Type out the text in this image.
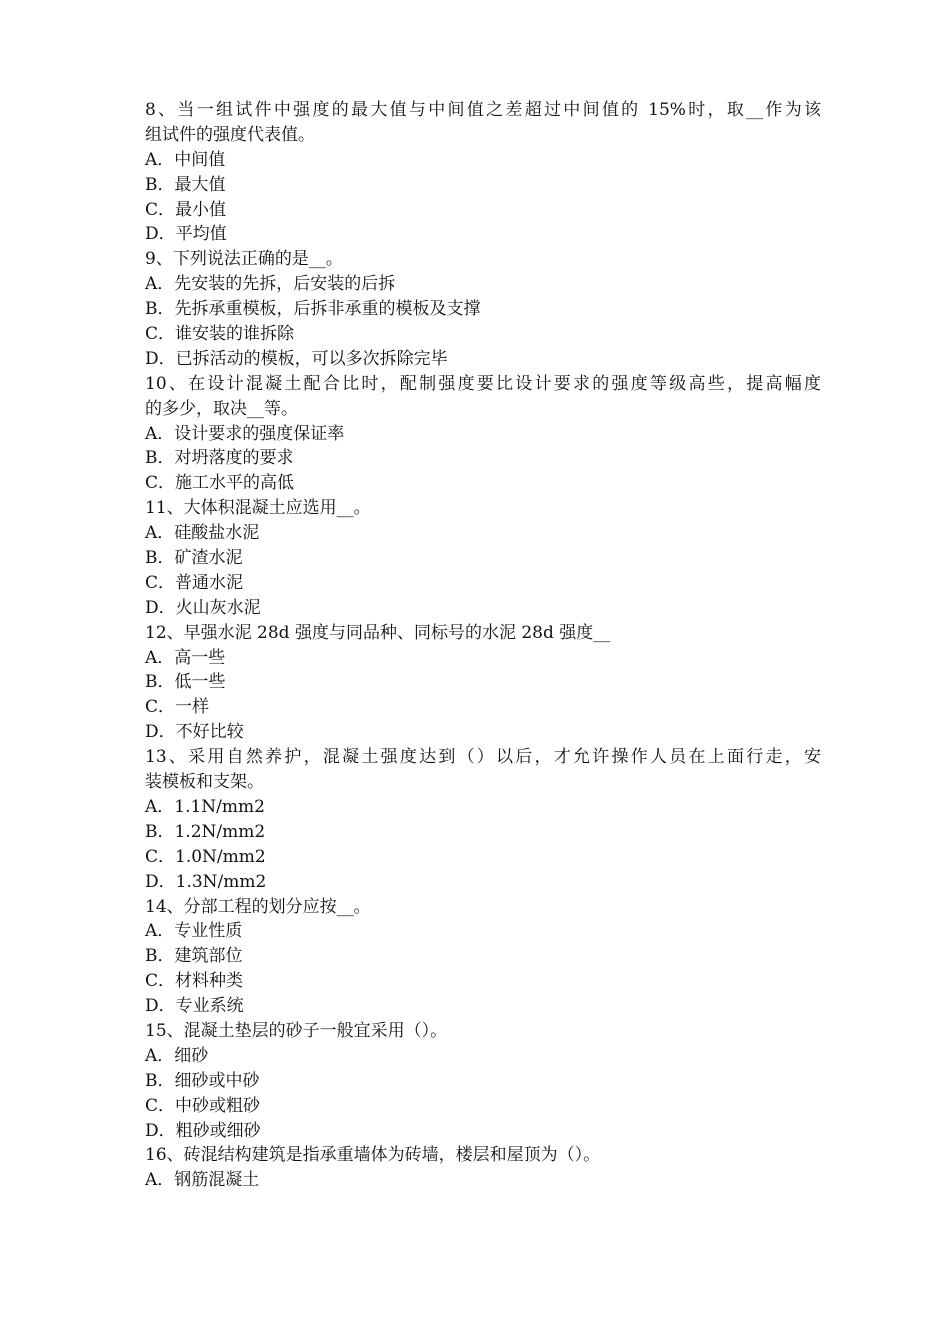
8、当一组试件中强度的最大值与中间值之差超过中间值的 15%时，取__作为该
组试件的强度代表值。
A．中间值
B．最大值
C．最小值
D．平均值
9、下列说法正确的是__。
A．先安装的先拆，后安装的后拆
B．先拆承重模板，后拆非承重的模板及支撑
C．谁安装的谁拆除
D．已拆活动的模板，可以多次拆除完毕
10、在设计混凝土配合比时，配制强度要比设计要求的强度等级高些，提高幅度
的多少，取决__等。
A．设计要求的强度保证率
B．对坍落度的要求
C．施工水平的高低
11、大体积混凝土应选用__。
A．硅酸盐水泥
B．矿渣水泥
C．普通水泥
D．火山灰水泥
12、早强水泥 28d 强度与同品种、同标号的水泥 28d 强度__
A．高一些
B．低一些
C．一样
D．不好比较
13、采用自然养护，混凝土强度达到（）以后，才允许操作人员在上面行走，安
装模板和支架。
A．1.1N/mm2
B．1.2N/mm2
C．1.0N/mm2
D．1.3N/mm2
14、分部工程的划分应按__。
A．专业性质
B．建筑部位
C．材料种类
D．专业系统
15、混凝土垫层的砂子一般宜采用（）。
A．细砂
B．细砂或中砂
C．中砂或粗砂
D．粗砂或细砂
16、砖混结构建筑是指承重墙体为砖墙，楼层和屋顶为（）。
A．钢筋混凝土
